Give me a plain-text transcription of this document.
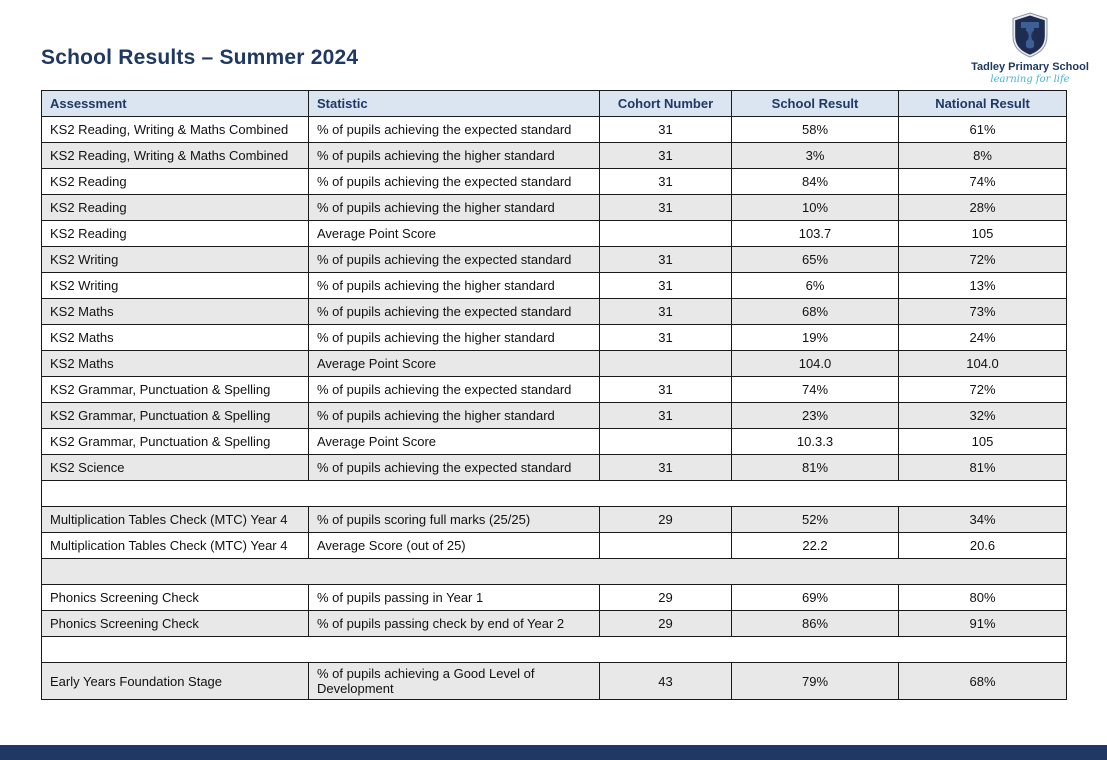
School Results – Summer 2024	Tadley Primary School
learning for life
Assessment	Statistic	Cohort Number	School Result	National Result
KS2 Reading, Writing & Maths Combined	% of pupils achieving the expected standard	31	58%	61%
KS2 Reading, Writing & Maths Combined	% of pupils achieving the higher standard	31	3%	8%
KS2 Reading	% of pupils achieving the expected standard	31	84%	74%
KS2 Reading	% of pupils achieving the higher standard	31	10%	28%
KS2 Reading	Average Point Score		103.7	105
KS2 Writing	% of pupils achieving the expected standard	31	65%	72%
KS2 Writing	% of pupils achieving the higher standard	31	6%	13%
KS2 Maths	% of pupils achieving the expected standard	31	68%	73%
KS2 Maths	% of pupils achieving the higher standard	31	19%	24%
KS2 Maths	Average Point Score		104.0	104.0
KS2 Grammar, Punctuation & Spelling	% of pupils achieving the expected standard	31	74%	72%
KS2 Grammar, Punctuation & Spelling	% of pupils achieving the higher standard	31	23%	32%
KS2 Grammar, Punctuation & Spelling	Average Point Score		10.3.3	105
KS2 Science	% of pupils achieving the expected standard	31	81%	81%

Multiplication Tables Check (MTC) Year 4	% of pupils scoring full marks (25/25)	29	52%	34%
Multiplication Tables Check (MTC) Year 4	Average Score (out of 25)		22.2	20.6

Phonics Screening Check	% of pupils passing in Year 1	29	69%	80%
Phonics Screening Check	% of pupils passing check by end of Year 2	29	86%	91%

Early Years Foundation Stage	% of pupils achieving a Good Level of Development	43	79%	68%
